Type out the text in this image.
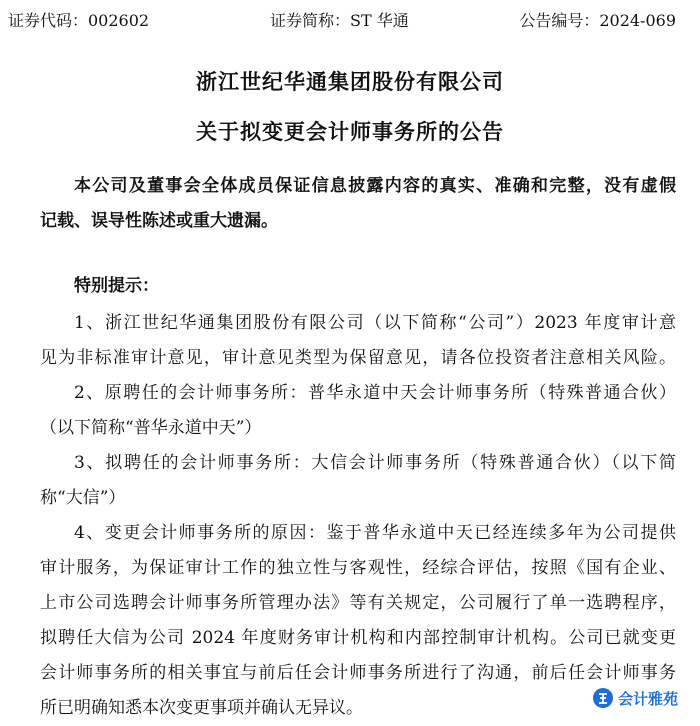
证券代码：002602	证券简称：ST 华通	公告编号：2024-069
浙江世纪华通集团股份有限公司
关于拟变更会计师事务所的公告
本公司及董事会全体成员保证信息披露内容的真实、准确和完整，没有虚假
记载、误导性陈述或重大遗漏。
特别提示：
1、浙江世纪华通集团股份有限公司（以下简称“公司”）2023 年度审计意
见为非标准审计意见，审计意见类型为保留意见，请各位投资者注意相关风险。
2、原聘任的会计师事务所：普华永道中天会计师事务所（特殊普通合伙）
（以下简称“普华永道中天”）
3、拟聘任的会计师事务所：大信会计师事务所（特殊普通合伙）（以下简
称“大信”）
4、变更会计师事务所的原因：鉴于普华永道中天已经连续多年为公司提供
审计服务，为保证审计工作的独立性与客观性，经综合评估，按照《国有企业、
上市公司选聘会计师事务所管理办法》等有关规定，公司履行了单一选聘程序，
拟聘任大信为公司 2024 年度财务审计机构和内部控制审计机构。公司已就变更
会计师事务所的相关事宜与前后任会计师事务所进行了沟通，前后任会计师事务
所已明确知悉本次变更事项并确认无异议。	会计雅苑
